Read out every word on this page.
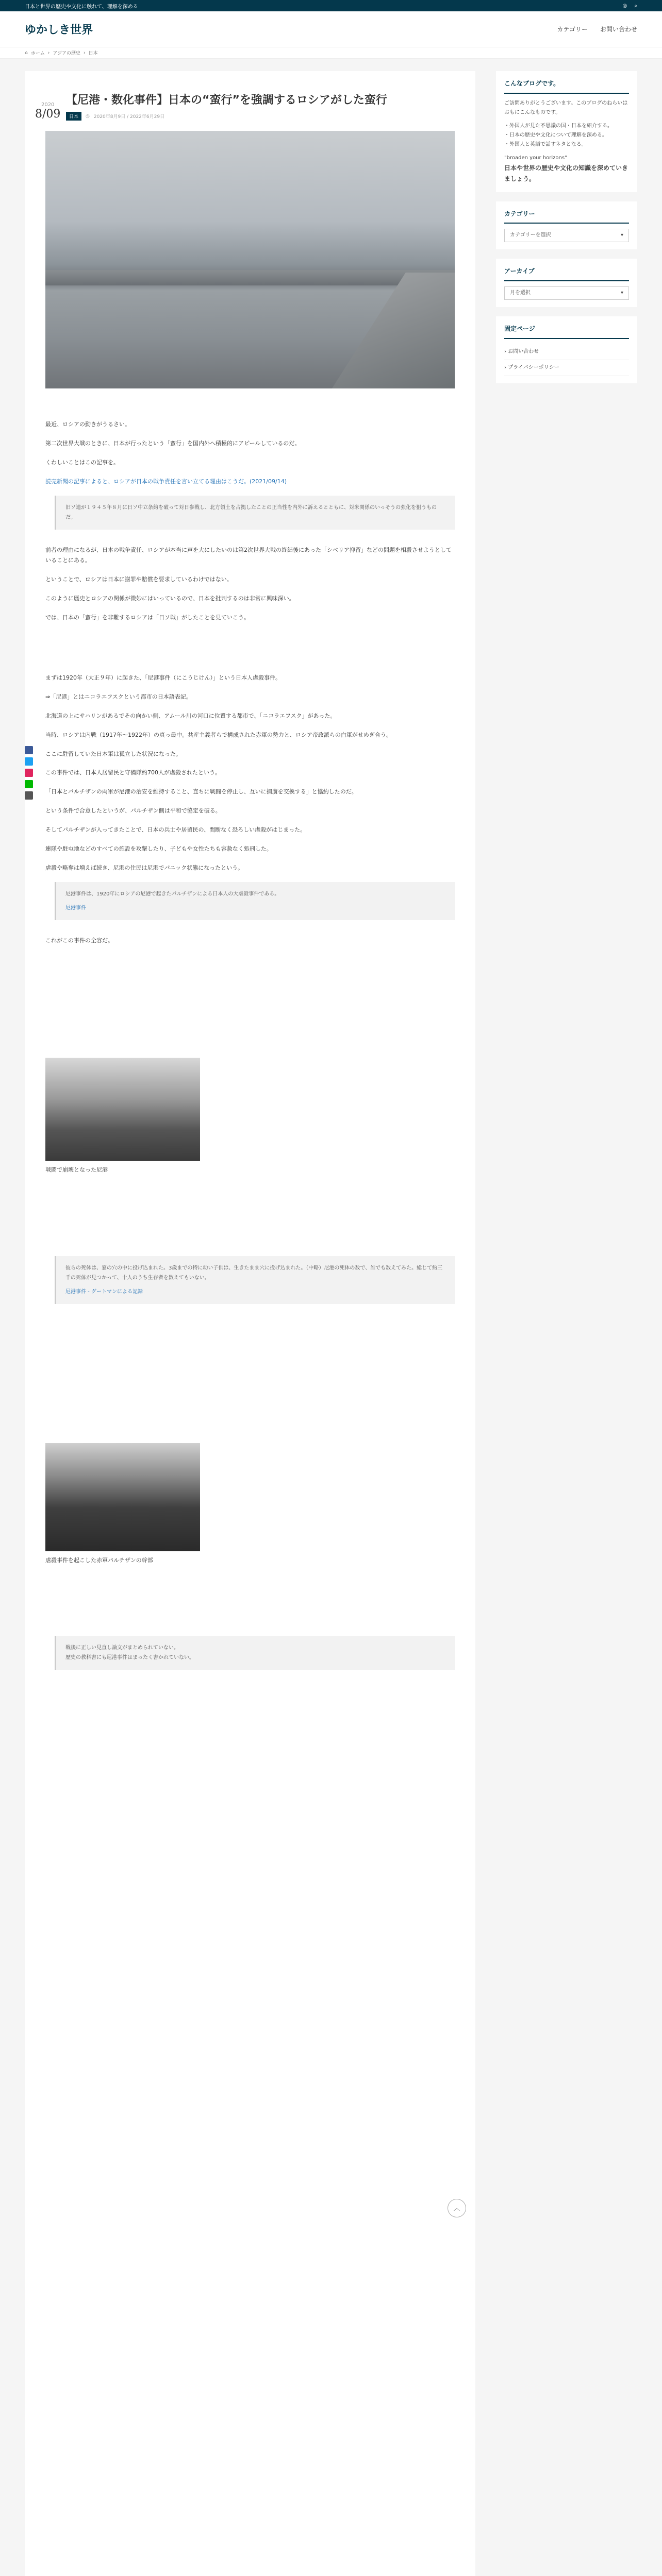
日本と世界の歴史や文化に触れて、理解を深める	◎ ⌕
ゆかしき世界	カテゴリー お問い合わせ
⌂ ホーム › アジアの歴史 › 日本
2020
8/09
【尼港・数化事件】日本の“蛮行”を強調するロシアがした蛮行
日本	◷ 2020年8月9日 / 2022年6月29日

最近、ロシアの動きがうるさい。

第二次世界大戦のときに、日本が行ったという「蛮行」を国内外へ積極的にアピールしているのだ。

くわしいことはこの記事を。

読売新聞の記事によると、ロシアが日本の戦争責任を言い立てる理由はこうだ。(2021/09/14)

旧ソ連が１９４５年８月に日ソ中立条約を破って対日参戦し、北方領土を占拠したことの正当性を内外に訴えるとともに、対米関係のいっそうの強化を狙うものだ。

前者の理由になるが、日本の戦争責任、ロシアが本当に声を大にしたいのは第2次世界大戦の終結後にあった「シベリア抑留」などの問題を相殺させようとしていることにある。

ということで、ロシアは日本に謝罪や賠償を要求しているわけではない。

このように歴史とロシアの関係が微妙にはいっているので、日本を批判するのは非常に興味深い。

では、日本の「蛮行」を非難するロシアは「日ソ戦」がしたことを見ていこう。

まずは1920年（大正９年）に起きた、「尼港事件（にこうじけん）」という日本人虐殺事件。

⇒「尼港」とはニコラエフスクという都市の日本語表記。

北海道の上にサハリンがあるでその向かい側、アムール川の河口に位置する都市で、「ニコラエフスク」があった。

当時、ロシアは内戦（1917年〜1922年）の真っ最中。共産主義者らで構成された赤軍の勢力と、ロシア帝政派らの白軍がせめぎ合う。

ここに駐留していた日本軍は孤立した状況になった。

この事件では、日本人居留民と守備隊約700人が虐殺されたという。

「日本とパルチザンの両軍が尼港の治安を維持すること、直ちに戦闘を停止し、互いに捕虜を交換する」と協約したのだ。

という条件で合意したというが、パルチザン側は平和で協定を破る。

そしてパルチザンが入ってきたことで、日本の兵士や居留民の、間断なく恐ろしい虐殺がはじまった。

連隊や駐屯地などのすべての施設を攻撃したり、子どもや女性たちも容赦なく処刑した。

虐殺や略奪は増えば続き、尼港の住民は尼港でパニック状態になったという。

尼港事件は、1920年にロシアの尼港で起きたパルチザンによる日本人の大虐殺事件である。
尼港事件

これがこの事件の全容だ。

戦闘で崩壊となった尼港

彼らの死体は、窓の穴の中に投げ込まれた。3歳までの特に幼い子供は、生きたまま穴に投げ込まれた。（中略）尼港の死体の数で、誰でも数えてみた。総じて約三千の死体が見つかって、十人のうち生存者を数えてもいない。
尼港事件 - グートマンによる記録

虐殺事件を起こした赤軍パルチザンの幹部

戦後に正しい見直し論文がまとめられていない。
歴史の教科書にも尼港事件はまったく書かれていない。
︿
こんなブログです。
ご訪問ありがとうございます。このブログのねらいはおもにこんなものです。
・外国人が見た不思議の国・日本を紹介する。
・日本の歴史や文化について理解を深める。
・外国人と英語で話すネタとなる。
"broaden your horizons"
日本や世界の歴史や文化の知識を深めていきましょう。
カテゴリー
カテゴリーを選択	▾
アーカイブ
月を選択	▾
固定ページ
› お問い合わせ
› プライバシーポリシー
